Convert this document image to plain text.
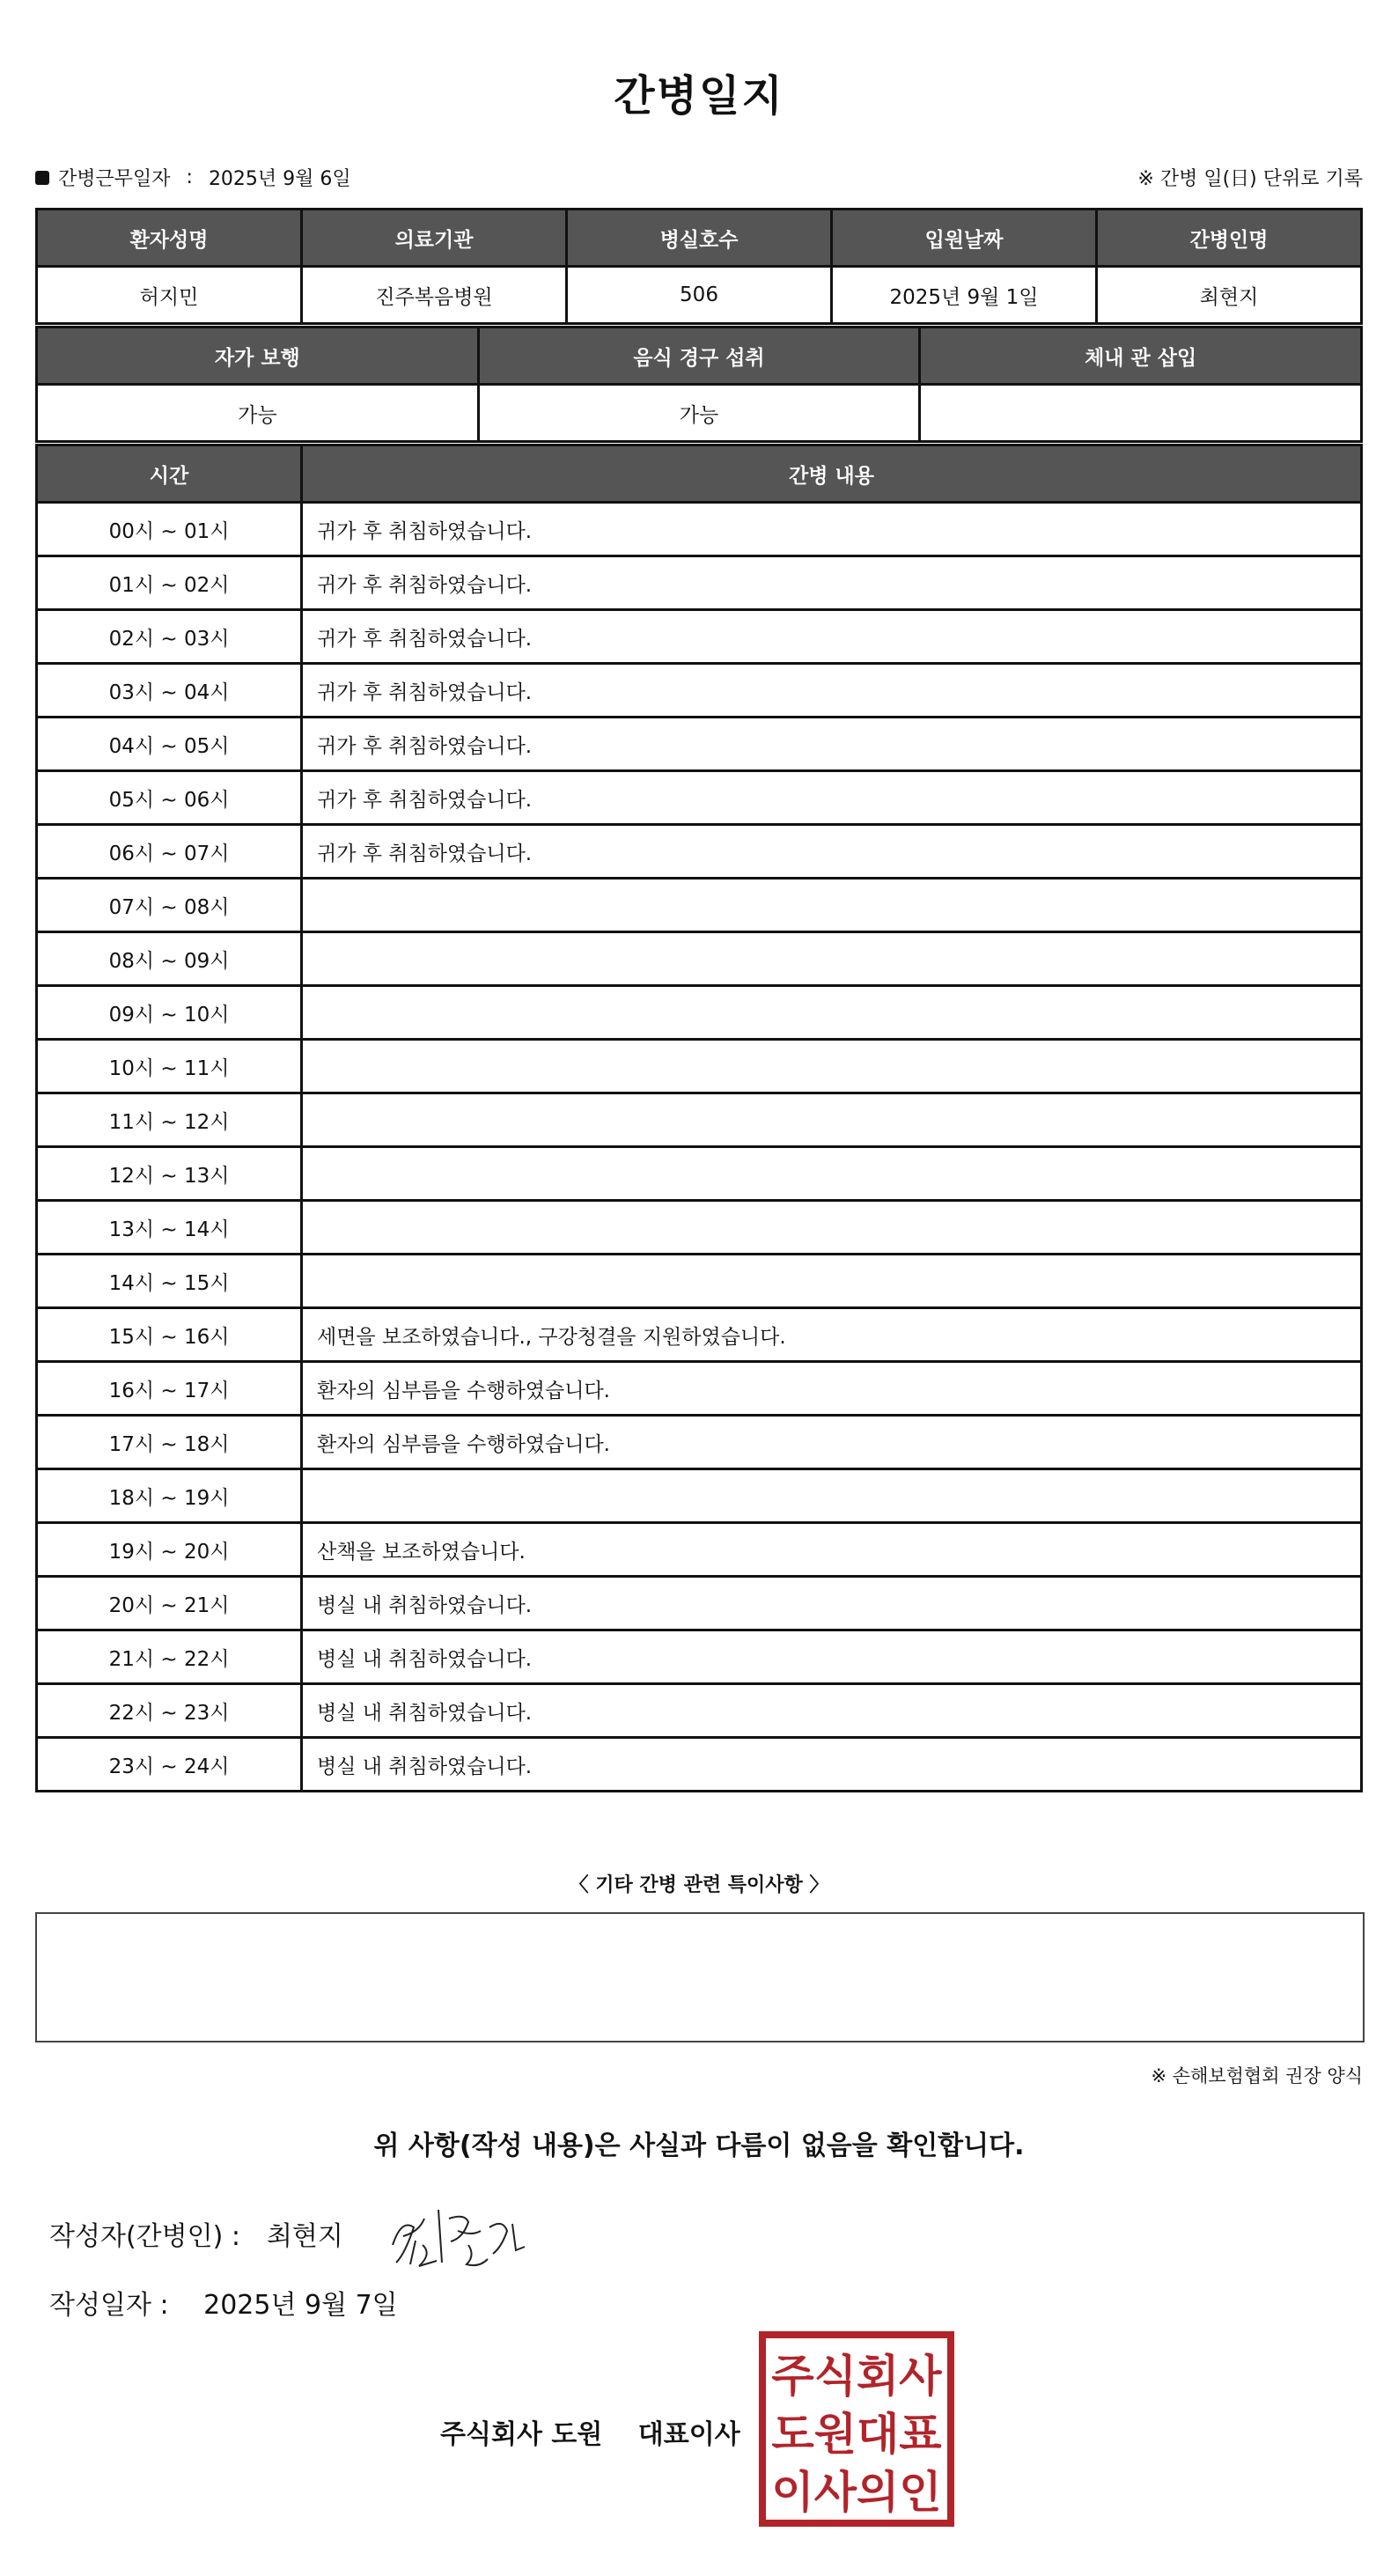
간병일지
간병근무일자 : 2025년 9월 6일	※ 간병 일(日) 단위로 기록
환자성명	의료기관	병실호수	입원날짜	간병인명
허지민	진주복음병원	506	2025년 9월 1일	최현지
자가 보행	음식 경구 섭취	체내 관 삽입
가능	가능	
시간	간병 내용
00시 ~ 01시	귀가 후 취침하였습니다.
01시 ~ 02시	귀가 후 취침하였습니다.
02시 ~ 03시	귀가 후 취침하였습니다.
03시 ~ 04시	귀가 후 취침하였습니다.
04시 ~ 05시	귀가 후 취침하였습니다.
05시 ~ 06시	귀가 후 취침하였습니다.
06시 ~ 07시	귀가 후 취침하였습니다.
07시 ~ 08시	
08시 ~ 09시	
09시 ~ 10시	
10시 ~ 11시	
11시 ~ 12시	
12시 ~ 13시	
13시 ~ 14시	
14시 ~ 15시	
15시 ~ 16시	세면을 보조하였습니다., 구강청결을 지원하였습니다.
16시 ~ 17시	환자의 심부름을 수행하였습니다.
17시 ~ 18시	환자의 심부름을 수행하였습니다.
18시 ~ 19시	
19시 ~ 20시	산책을 보조하였습니다.
20시 ~ 21시	병실 내 취침하였습니다.
21시 ~ 22시	병실 내 취침하였습니다.
22시 ~ 23시	병실 내 취침하였습니다.
23시 ~ 24시	병실 내 취침하였습니다.
〈 기타 간병 관련 특이사항 〉
※ 손해보험협회 권장 양식
위 사항(작성 내용)은 사실과 다름이 없음을 확인합니다.
작성자(간병인) : 최현지
작성일자 : 2025년 9월 7일
주식회사 도원 대표이사
주식회사
도원대표
이사의인
